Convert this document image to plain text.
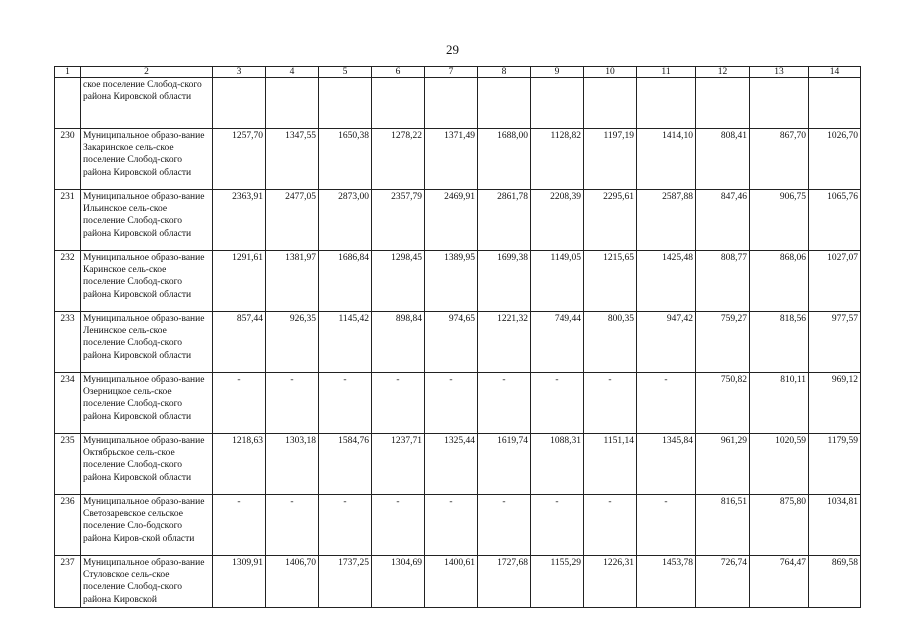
29
1	2	3	4	5	6	7	8	9	10	11	12	13	14
	ское поселение Слобод-ского района Кировской области												
230	Муниципальное образо-вание Закаринское сель-ское поселение Слобод-ского района Кировской области	1257,70	1347,55	1650,38	1278,22	1371,49	1688,00	1128,82	1197,19	1414,10	808,41	867,70	1026,70
231	Муниципальное образо-вание Ильинское сель-ское поселение Слобод-ского района Кировской области	2363,91	2477,05	2873,00	2357,79	2469,91	2861,78	2208,39	2295,61	2587,88	847,46	906,75	1065,76
232	Муниципальное образо-вание Каринское сель-ское поселение Слобод-ского района Кировской области	1291,61	1381,97	1686,84	1298,45	1389,95	1699,38	1149,05	1215,65	1425,48	808,77	868,06	1027,07
233	Муниципальное образо-вание Ленинское сель-ское поселение Слобод-ского района Кировской области	857,44	926,35	1145,42	898,84	974,65	1221,32	749,44	800,35	947,42	759,27	818,56	977,57
234	Муниципальное образо-вание Озерницкое сель-ское поселение Слобод-ского района Кировской области	-	-	-	-	-	-	-	-	-	750,82	810,11	969,12
235	Муниципальное образо-вание Октябрьское сель-ское поселение Слобод-ского района Кировской области	1218,63	1303,18	1584,76	1237,71	1325,44	1619,74	1088,31	1151,14	1345,84	961,29	1020,59	1179,59
236	Муниципальное образо-вание Светозаревское сельское поселение Сло-бодского района Киров-ской области	-	-	-	-	-	-	-	-	-	816,51	875,80	1034,81
237	Муниципальное образо-вание Стуловское сель-ское поселение Слобод-ского района Кировской	1309,91	1406,70	1737,25	1304,69	1400,61	1727,68	1155,29	1226,31	1453,78	726,74	764,47	869,58
